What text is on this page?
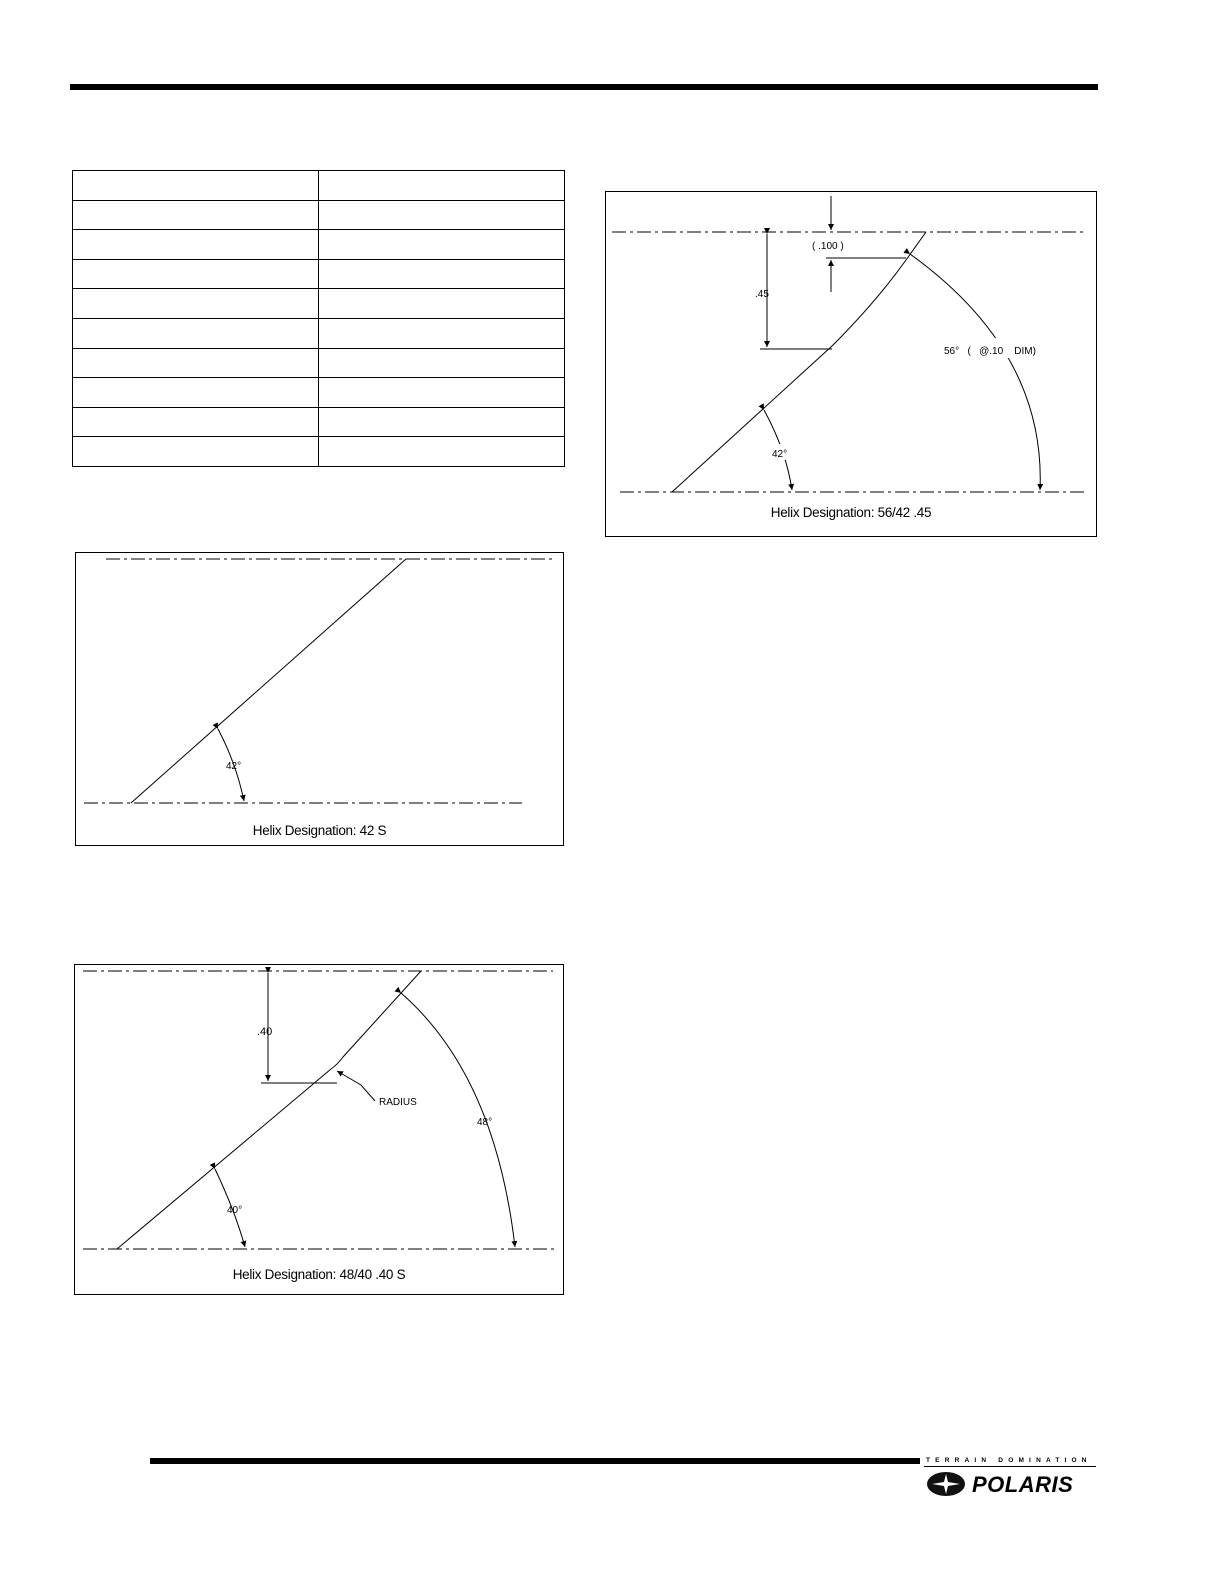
42°
Helix Designation: 42 S
.40
RADIUS
48°
40°
Helix Designation: 48/40 .40 S
( .100 )
.45
56°   (   @.10    DIM)
42°
Helix Designation: 56/42 .45
TERRAIN DOMINATION
POLARIS
